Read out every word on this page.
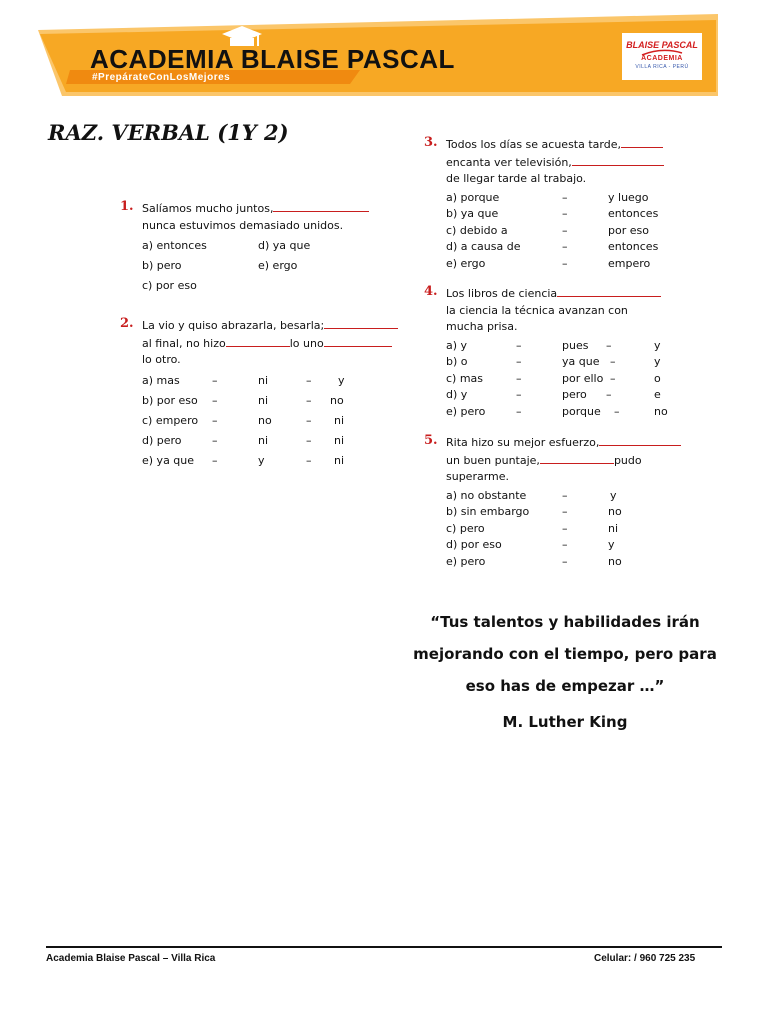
ACADEMIA BLAISE PASCAL
#PrepárateConLosMejores
BLAISE PASCAL
ACADEMIA
VILLA RICA - PERÚ
RAZ. VERBAL (1Y 2)
1. Salíamos mucho juntos,
nunca estuvimos demasiado unidos.
a) entonces	d) ya que
b) pero	e) ergo
c) por eso
2. La vio y quiso abrazarla, besarla;
al final, no hizo	lo uno
lo otro.
a) mas	–	ni	– y
b) por eso –	ni	– no
c) empero –	no	– ni
d) pero	–	ni	– ni
e) ya que –	y	– ni
3. Todos los días se acuesta tarde,
encanta ver televisión,
de llegar tarde al trabajo.
a) porque	–	y luego
b) ya que	–	entonces
c) debido a	–	por eso
d) a causa de	–	entonces
e) ergo	–	empero
4. Los libros de ciencia
la ciencia la técnica avanzan con
mucha prisa.
a) y	–	pues –	y
b) o	–	ya que –	y
c) mas	–	por ello –	o
d) y	–	pero –	e
e) pero	–	porque –	no
5. Rita hizo su mejor esfuerzo,
un buen puntaje,	pudo
superarme.
a) no obstante	–	y
b) sin embargo	–	no
c) pero	–	ni
d) por eso	–	y
e) pero	–	no
“Tus talentos y habilidades irán
mejorando con el tiempo, pero para
eso has de empezar …”
M. Luther King
Academia Blaise Pascal – Villa Rica	Celular: / 960 725 235
